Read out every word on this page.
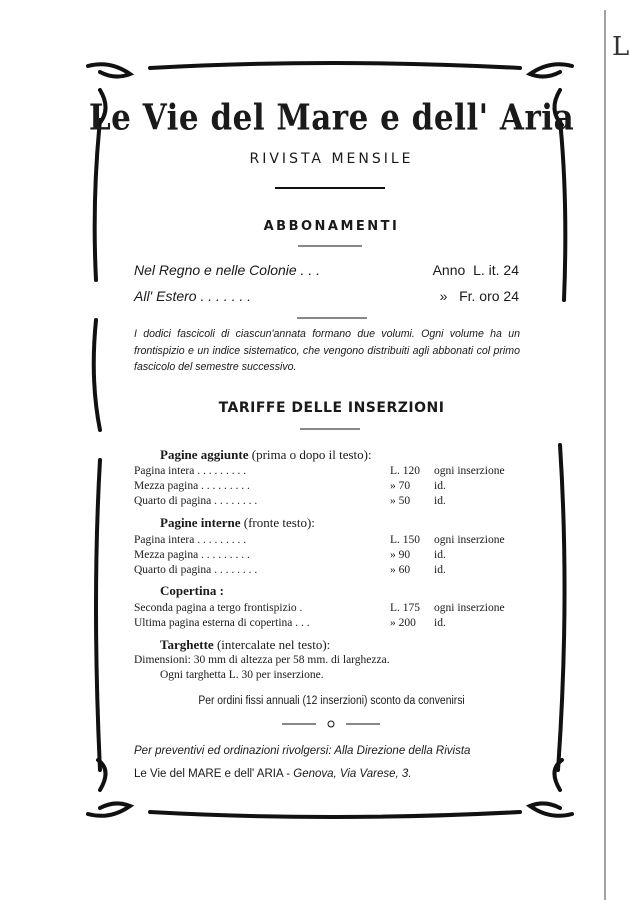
L
Le Vie del Mare e dell' Aria
RIVISTA MENSILE
ABBONAMENTI
Nel Regno e nelle Colonie . . .	Anno L. it. 24
All' Estero . . . . . . .	» Fr. oro 24
I dodici fascicoli di ciascun'annata formano due volumi. Ogni volume ha un frontispizio e un indice sistematico, che vengono distribuiti agli abbonati col primo fascicolo del semestre successivo.
TARIFFE DELLE INSERZIONI
Pagine aggiunte (prima o dopo il testo):
Pagina intera . . . . . . . . .	L. 120 ogni inserzione
Mezza pagina . . . . . . . . .	» 70 id.
Quarto di pagina . . . . . . . .	» 50 id.
Pagine interne (fronte testo):
Pagina intera . . . . . . . . .	L. 150 ogni inserzione
Mezza pagina . . . . . . . . .	» 90 id.
Quarto di pagina . . . . . . . .	» 60 id.
Copertina :
Seconda pagina a tergo frontispizio .	L. 175 ogni inserzione
Ultima pagina esterna di copertina . . .	» 200 id.
Targhette (intercalate nel testo):
Dimensioni: 30 mm di altezza per 58 mm. di larghezza.
Ogni targhetta L. 30 per inserzione.
Per ordini fissi annuali (12 inserzioni) sconto da convenirsi
Per preventivi ed ordinazioni rivolgersi: Alla Direzione della Rivista
Le Vie del MARE e dell' ARIA - Genova, Via Varese, 3.
